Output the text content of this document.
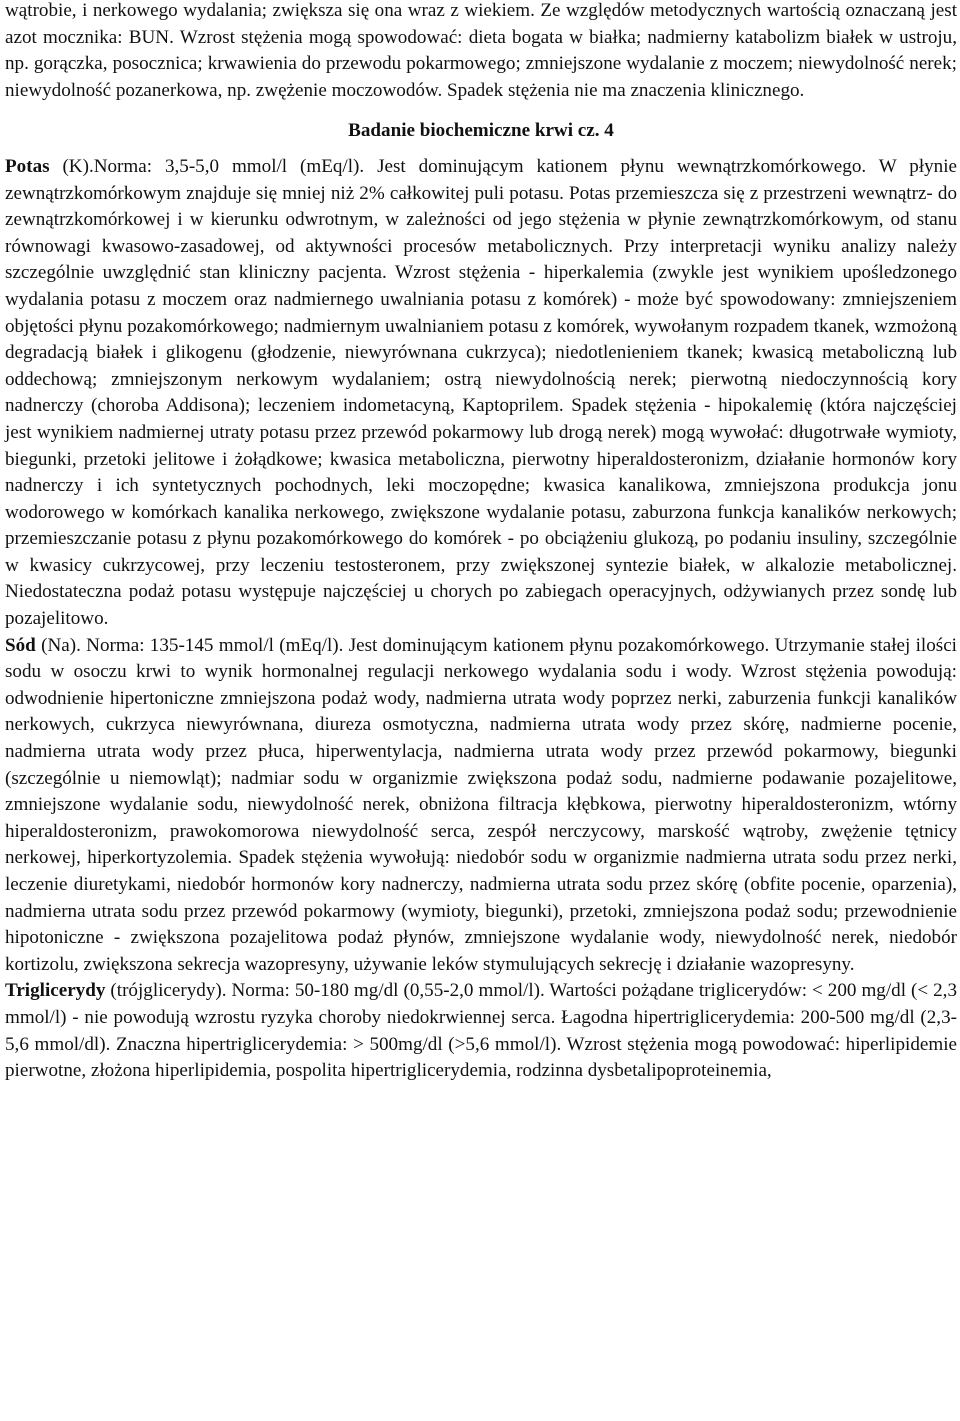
wątrobie, i nerkowego wydalania; zwiększa się ona wraz z wiekiem. Ze względów metodycznych wartością oznaczaną jest azot mocznika: BUN. Wzrost stężenia mogą spowodować: dieta bogata w białka; nadmierny katabolizm białek w ustroju, np. gorączka, posocznica; krwawienia do przewodu pokarmowego; zmniejszone wydalanie z moczem; niewydolność nerek; niewydolność pozanerkowa, np. zwężenie moczowodów. Spadek stężenia nie ma znaczenia klinicznego.

Badanie biochemiczne krwi cz. 4

Potas (K).Norma: 3,5-5,0 mmol/l (mEq/l). Jest dominującym kationem płynu wewnątrzkomórkowego. W płynie zewnątrzkomórkowym znajduje się mniej niż 2% całkowitej puli potasu. Potas przemieszcza się z przestrzeni wewnątrz- do zewnątrzkomórkowej i w kierunku odwrotnym, w zależności od jego stężenia w płynie zewnątrzkomórkowym, od stanu równowagi kwasowo-zasadowej, od aktywności procesów metabolicznych. Przy interpretacji wyniku analizy należy szczególnie uwzględnić stan kliniczny pacjenta. Wzrost stężenia - hiperkalemia (zwykle jest wynikiem upośledzonego wydalania potasu z moczem oraz nadmiernego uwalniania potasu z komórek) - może być spowodowany: zmniejszeniem objętości płynu pozakomórkowego; nadmiernym uwalnianiem potasu z komórek, wywołanym rozpadem tkanek, wzmożoną degradacją białek i glikogenu (głodzenie, niewyrównana cukrzyca); niedotlenieniem tkanek; kwasicą metaboliczną lub oddechową; zmniejszonym nerkowym wydalaniem; ostrą niewydolnością nerek; pierwotną niedoczynnością kory nadnerczy (choroba Addisona); leczeniem indometacyną, Kaptoprilem. Spadek stężenia - hipokalemię (która najczęściej jest wynikiem nadmiernej utraty potasu przez przewód pokarmowy lub drogą nerek) mogą wywołać: długotrwałe wymioty, biegunki, przetoki jelitowe i żołądkowe; kwasica metaboliczna, pierwotny hiperaldosteronizm, działanie hormonów kory nadnerczy i ich syntetycznych pochodnych, leki moczopędne; kwasica kanalikowa, zmniejszona produkcja jonu wodorowego w komórkach kanalika nerkowego, zwiększone wydalanie potasu, zaburzona funkcja kanalików nerkowych; przemieszczanie potasu z płynu pozakomórkowego do komórek - po obciążeniu glukozą, po podaniu insuliny, szczególnie w kwasicy cukrzycowej, przy leczeniu testosteronem, przy zwiększonej syntezie białek, w alkalozie metabolicznej. Niedostateczna podaż potasu występuje najczęściej u chorych po zabiegach operacyjnych, odżywianych przez sondę lub pozajelitowo.

Sód (Na). Norma: 135-145 mmol/l (mEq/l). Jest dominującym kationem płynu pozakomórkowego. Utrzymanie stałej ilości sodu w osoczu krwi to wynik hormonalnej regulacji nerkowego wydalania sodu i wody. Wzrost stężenia powodują: odwodnienie hipertoniczne zmniejszona podaż wody, nadmierna utrata wody poprzez nerki, zaburzenia funkcji kanalików nerkowych, cukrzyca niewyrównana, diureza osmotyczna, nadmierna utrata wody przez skórę, nadmierne pocenie, nadmierna utrata wody przez płuca, hiperwentylacja, nadmierna utrata wody przez przewód pokarmowy, biegunki (szczególnie u niemowląt); nadmiar sodu w organizmie zwiększona podaż sodu, nadmierne podawanie pozajelitowe, zmniejszone wydalanie sodu, niewydolność nerek, obniżona filtracja kłębkowa, pierwotny hiperaldosteronizm, wtórny hiperaldosteronizm, prawokomorowa niewydolność serca, zespół nerczycowy, marskość wątroby, zwężenie tętnicy nerkowej, hiperkortyzolemia. Spadek stężenia wywołują: niedobór sodu w organizmie nadmierna utrata sodu przez nerki, leczenie diuretykami, niedobór hormonów kory nadnerczy, nadmierna utrata sodu przez skórę (obfite pocenie, oparzenia), nadmierna utrata sodu przez przewód pokarmowy (wymioty, biegunki), przetoki, zmniejszona podaż sodu; przewodnienie hipotoniczne - zwiększona pozajelitowa podaż płynów, zmniejszone wydalanie wody, niewydolność nerek, niedobór kortizolu, zwiększona sekrecja wazopresyny, używanie leków stymulujących sekrecję i działanie wazopresyny.

Triglicerydy (trójglicerydy). Norma: 50-180 mg/dl (0,55-2,0 mmol/l). Wartości pożądane triglicerydów: < 200 mg/dl (< 2,3 mmol/l) - nie powodują wzrostu ryzyka choroby niedokrwiennej serca. Łagodna hipertriglicerydemia: 200-500 mg/dl (2,3-5,6 mmol/dl). Znaczna hipertriglicerydemia: > 500mg/dl (>5,6 mmol/l). Wzrost stężenia mogą powodować: hiperlipidemie pierwotne, złożona hiperlipidemia, pospolita hipertriglicerydemia, rodzinna dysbetalipoproteinemia,
